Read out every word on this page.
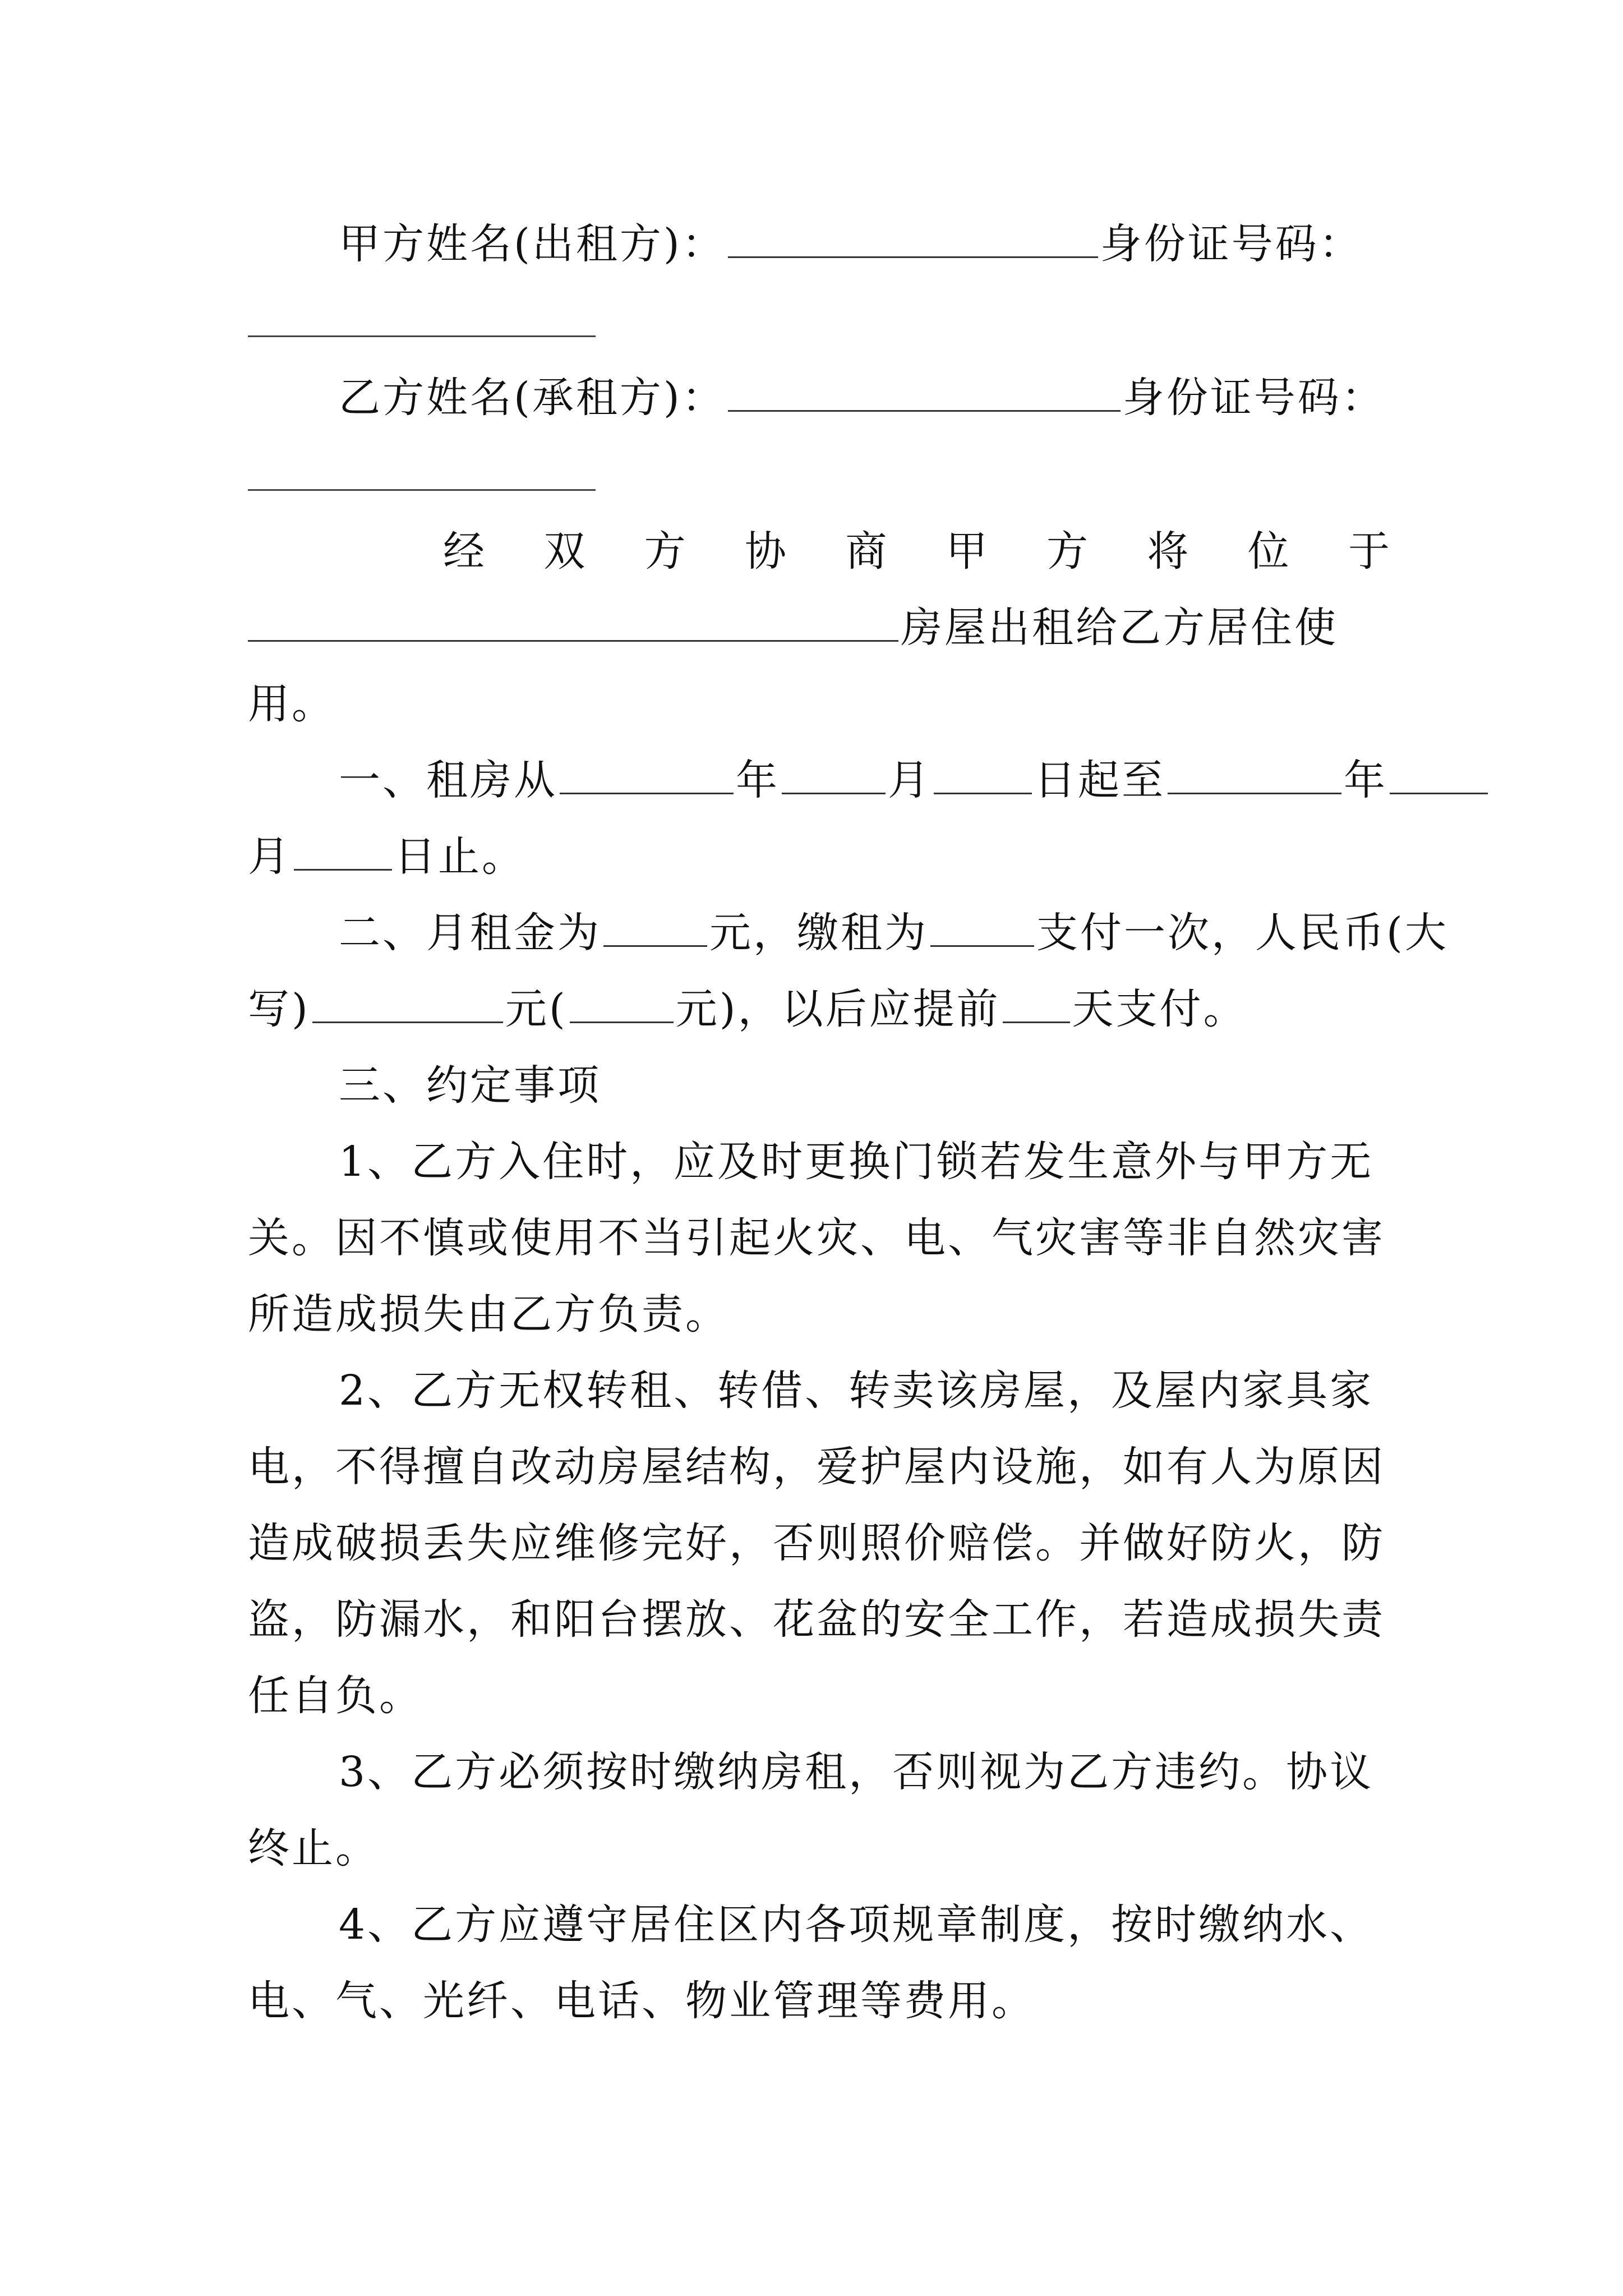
甲方姓名(出租方)：	身份证号码：
乙方姓名(承租方)：	身份证号码：
经 双 方 协 商 甲 方 将 位 于
房屋出租给乙方居住使
用。
一、租房从	年	月 日起至	年
月 日止。
二、月租金为	元，缴租为	支付一次，人民币(大
写)	元(	元)，以后应提前 天支付。
三、约定事项
1、乙方入住时，应及时更换门锁若发生意外与甲方无
关。因不慎或使用不当引起火灾、电、气灾害等非自然灾害
所造成损失由乙方负责。
2、乙方无权转租、转借、转卖该房屋，及屋内家具家
电，不得擅自改动房屋结构，爱护屋内设施，如有人为原因
造成破损丢失应维修完好，否则照价赔偿。并做好防火，防
盗，防漏水，和阳台摆放、花盆的安全工作，若造成损失责
任自负。
3、乙方必须按时缴纳房租，否则视为乙方违约。协议
终止。
4、乙方应遵守居住区内各项规章制度，按时缴纳水、
电、气、光纤、电话、物业管理等费用。
